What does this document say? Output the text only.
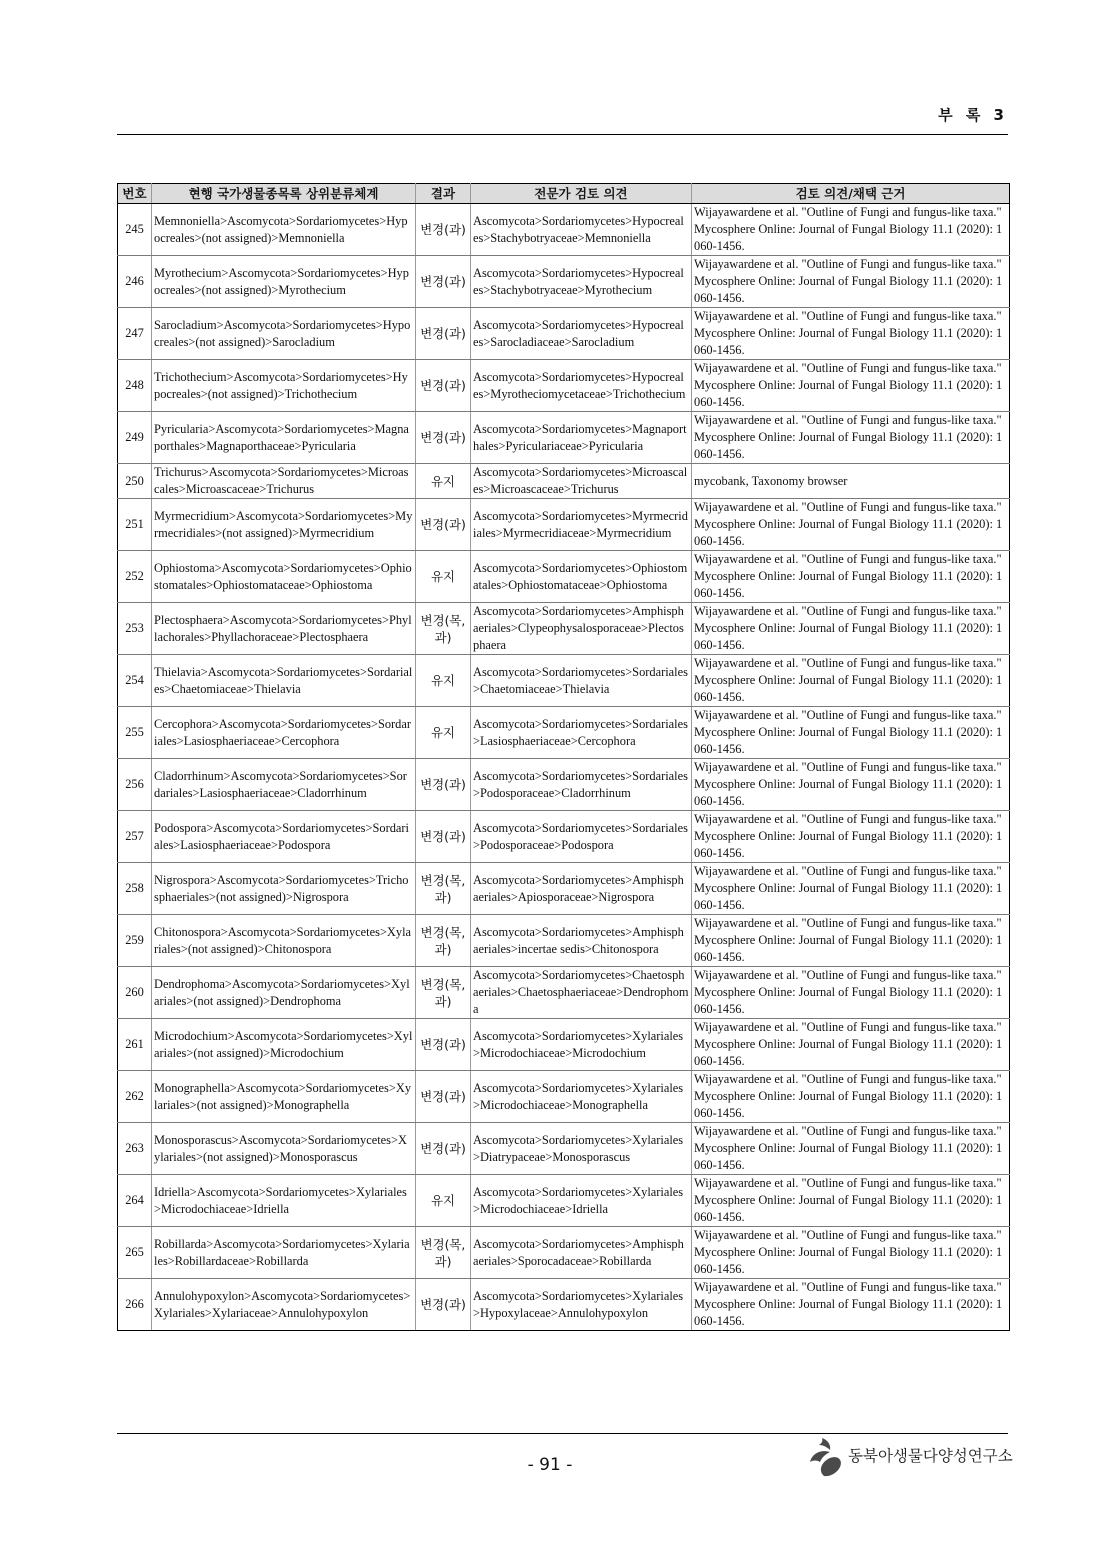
부 록 3
번호	현행 국가생물종목록 상위분류체계	결과	전문가 검토 의견	검토 의견/채택 근거
245	Memnoniella>Ascomycota>Sordariomycetes>Hypocreales>(not assigned)>Memnoniella	변경(과)	Ascomycota>Sordariomycetes>Hypocreales>Stachybotryaceae>Memnoniella	Wijayawardene et al. "Outline of Fungi and fungus-like taxa." Mycosphere Online: Journal of Fungal Biology 11.1 (2020): 1060-1456.
246	Myrothecium>Ascomycota>Sordariomycetes>Hypocreales>(not assigned)>Myrothecium	변경(과)	Ascomycota>Sordariomycetes>Hypocreales>Stachybotryaceae>Myrothecium	Wijayawardene et al. "Outline of Fungi and fungus-like taxa." Mycosphere Online: Journal of Fungal Biology 11.1 (2020): 1060-1456.
247	Sarocladium>Ascomycota>Sordariomycetes>Hypocreales>(not assigned)>Sarocladium	변경(과)	Ascomycota>Sordariomycetes>Hypocreales>Sarocladiaceae>Sarocladium	Wijayawardene et al. "Outline of Fungi and fungus-like taxa." Mycosphere Online: Journal of Fungal Biology 11.1 (2020): 1060-1456.
248	Trichothecium>Ascomycota>Sordariomycetes>Hypocreales>(not assigned)>Trichothecium	변경(과)	Ascomycota>Sordariomycetes>Hypocreales>Myrotheciomycetaceae>Trichothecium	Wijayawardene et al. "Outline of Fungi and fungus-like taxa." Mycosphere Online: Journal of Fungal Biology 11.1 (2020): 1060-1456.
249	Pyricularia>Ascomycota>Sordariomycetes>Magnaporthales>Magnaporthaceae>Pyricularia	변경(과)	Ascomycota>Sordariomycetes>Magnaporthales>Pyriculariaceae>Pyricularia	Wijayawardene et al. "Outline of Fungi and fungus-like taxa." Mycosphere Online: Journal of Fungal Biology 11.1 (2020): 1060-1456.
250	Trichurus>Ascomycota>Sordariomycetes>Microascales>Microascaceae>Trichurus	유지	Ascomycota>Sordariomycetes>Microascales>Microascaceae>Trichurus	mycobank, Taxonomy browser
251	Myrmecridium>Ascomycota>Sordariomycetes>Myrmecridiales>(not assigned)>Myrmecridium	변경(과)	Ascomycota>Sordariomycetes>Myrmecridiales>Myrmecridiaceae>Myrmecridium	Wijayawardene et al. "Outline of Fungi and fungus-like taxa." Mycosphere Online: Journal of Fungal Biology 11.1 (2020): 1060-1456.
252	Ophiostoma>Ascomycota>Sordariomycetes>Ophiostomatales>Ophiostomataceae>Ophiostoma	유지	Ascomycota>Sordariomycetes>Ophiostomatales>Ophiostomataceae>Ophiostoma	Wijayawardene et al. "Outline of Fungi and fungus-like taxa." Mycosphere Online: Journal of Fungal Biology 11.1 (2020): 1060-1456.
253	Plectosphaera>Ascomycota>Sordariomycetes>Phyllachorales>Phyllachoraceae>Plectosphaera	변경(목, 과)	Ascomycota>Sordariomycetes>Amphisphaeriales>Clypeophysalosporaceae>Plectosphaera	Wijayawardene et al. "Outline of Fungi and fungus-like taxa." Mycosphere Online: Journal of Fungal Biology 11.1 (2020): 1060-1456.
254	Thielavia>Ascomycota>Sordariomycetes>Sordariales>Chaetomiaceae>Thielavia	유지	Ascomycota>Sordariomycetes>Sordariales>Chaetomiaceae>Thielavia	Wijayawardene et al. "Outline of Fungi and fungus-like taxa." Mycosphere Online: Journal of Fungal Biology 11.1 (2020): 1060-1456.
255	Cercophora>Ascomycota>Sordariomycetes>Sordariales>Lasiosphaeriaceae>Cercophora	유지	Ascomycota>Sordariomycetes>Sordariales>Lasiosphaeriaceae>Cercophora	Wijayawardene et al. "Outline of Fungi and fungus-like taxa." Mycosphere Online: Journal of Fungal Biology 11.1 (2020): 1060-1456.
256	Cladorrhinum>Ascomycota>Sordariomycetes>Sordariales>Lasiosphaeriaceae>Cladorrhinum	변경(과)	Ascomycota>Sordariomycetes>Sordariales>Podosporaceae>Cladorrhinum	Wijayawardene et al. "Outline of Fungi and fungus-like taxa." Mycosphere Online: Journal of Fungal Biology 11.1 (2020): 1060-1456.
257	Podospora>Ascomycota>Sordariomycetes>Sordariales>Lasiosphaeriaceae>Podospora	변경(과)	Ascomycota>Sordariomycetes>Sordariales>Podosporaceae>Podospora	Wijayawardene et al. "Outline of Fungi and fungus-like taxa." Mycosphere Online: Journal of Fungal Biology 11.1 (2020): 1060-1456.
258	Nigrospora>Ascomycota>Sordariomycetes>Trichosphaeriales>(not assigned)>Nigrospora	변경(목, 과)	Ascomycota>Sordariomycetes>Amphisphaeriales>Apiosporaceae>Nigrospora	Wijayawardene et al. "Outline of Fungi and fungus-like taxa." Mycosphere Online: Journal of Fungal Biology 11.1 (2020): 1060-1456.
259	Chitonospora>Ascomycota>Sordariomycetes>Xylariales>(not assigned)>Chitonospora	변경(목, 과)	Ascomycota>Sordariomycetes>Amphisphaeriales>incertae sedis>Chitonospora	Wijayawardene et al. "Outline of Fungi and fungus-like taxa." Mycosphere Online: Journal of Fungal Biology 11.1 (2020): 1060-1456.
260	Dendrophoma>Ascomycota>Sordariomycetes>Xylariales>(not assigned)>Dendrophoma	변경(목, 과)	Ascomycota>Sordariomycetes>Chaetosphaeriales>Chaetosphaeriaceae>Dendrophoma	Wijayawardene et al. "Outline of Fungi and fungus-like taxa." Mycosphere Online: Journal of Fungal Biology 11.1 (2020): 1060-1456.
261	Microdochium>Ascomycota>Sordariomycetes>Xylariales>(not assigned)>Microdochium	변경(과)	Ascomycota>Sordariomycetes>Xylariales>Microdochiaceae>Microdochium	Wijayawardene et al. "Outline of Fungi and fungus-like taxa." Mycosphere Online: Journal of Fungal Biology 11.1 (2020): 1060-1456.
262	Monographella>Ascomycota>Sordariomycetes>Xylariales>(not assigned)>Monographella	변경(과)	Ascomycota>Sordariomycetes>Xylariales>Microdochiaceae>Monographella	Wijayawardene et al. "Outline of Fungi and fungus-like taxa." Mycosphere Online: Journal of Fungal Biology 11.1 (2020): 1060-1456.
263	Monosporascus>Ascomycota>Sordariomycetes>Xylariales>(not assigned)>Monosporascus	변경(과)	Ascomycota>Sordariomycetes>Xylariales>Diatrypaceae>Monosporascus	Wijayawardene et al. "Outline of Fungi and fungus-like taxa." Mycosphere Online: Journal of Fungal Biology 11.1 (2020): 1060-1456.
264	Idriella>Ascomycota>Sordariomycetes>Xylariales>Microdochiaceae>Idriella	유지	Ascomycota>Sordariomycetes>Xylariales>Microdochiaceae>Idriella	Wijayawardene et al. "Outline of Fungi and fungus-like taxa." Mycosphere Online: Journal of Fungal Biology 11.1 (2020): 1060-1456.
265	Robillarda>Ascomycota>Sordariomycetes>Xylariales>Robillardaceae>Robillarda	변경(목, 과)	Ascomycota>Sordariomycetes>Amphisphaeriales>Sporocadaceae>Robillarda	Wijayawardene et al. "Outline of Fungi and fungus-like taxa." Mycosphere Online: Journal of Fungal Biology 11.1 (2020): 1060-1456.
266	Annulohypoxylon>Ascomycota>Sordariomycetes>Xylariales>Xylariaceae>Annulohypoxylon	변경(과)	Ascomycota>Sordariomycetes>Xylariales>Hypoxylaceae>Annulohypoxylon	Wijayawardene et al. "Outline of Fungi and fungus-like taxa." Mycosphere Online: Journal of Fungal Biology 11.1 (2020): 1060-1456.
- 91 -	동북아생물다양성연구소
